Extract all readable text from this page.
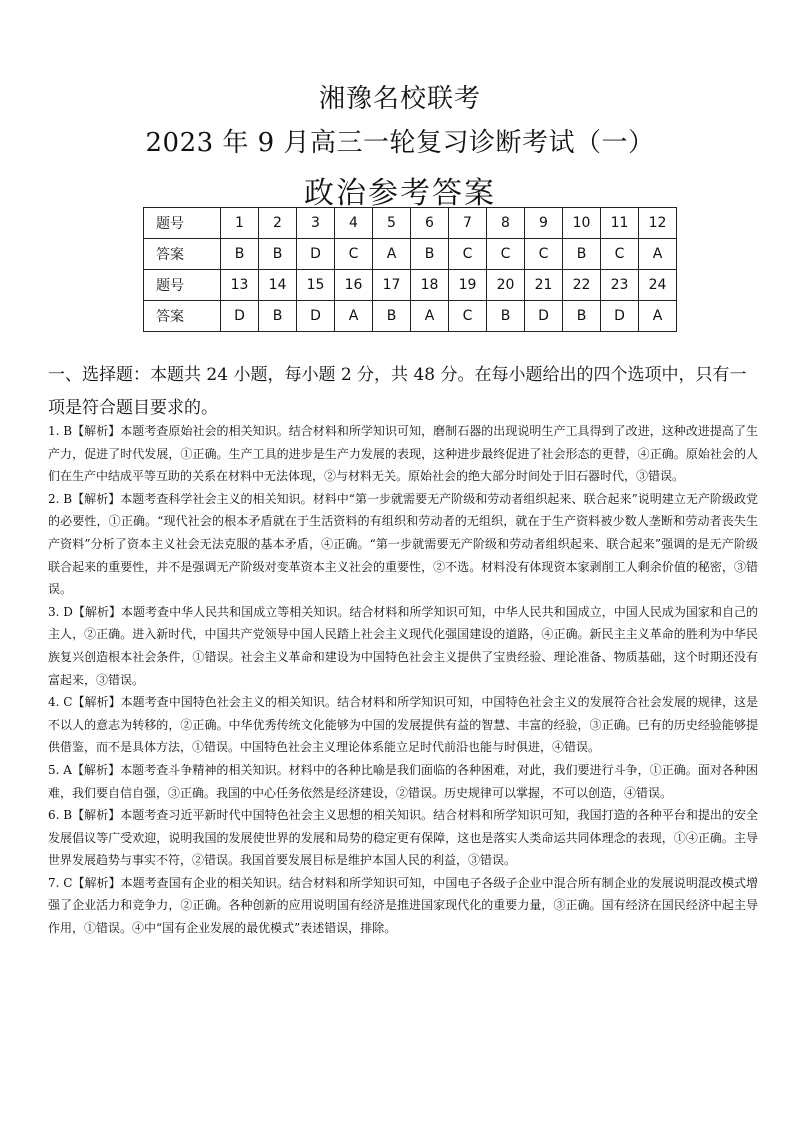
湘豫名校联考
2023 年 9 月高三一轮复习诊断考试（一）
政治参考答案
题号	1	2	3	4	5	6	7	8	9	10	11	12
答案	B	B	D	C	A	B	C	C	C	B	C	A
题号	13	14	15	16	17	18	19	20	21	22	23	24
答案	D	B	D	A	B	A	C	B	D	B	D	A
一、选择题：本题共 24 小题，每小题 2 分，共 48 分。在每小题给出的四个选项中，只有一项是符合题目要求的。

1. B【解析】本题考查原始社会的相关知识。结合材料和所学知识可知，磨制石器的出现说明生产工具得到了改进，这种改进提高了生产力，促进了时代发展，①正确。生产工具的进步是生产力发展的表现，这种进步最终促进了社会形态的更替，④正确。原始社会的人们在生产中结成平等互助的关系在材料中无法体现，②与材料无关。原始社会的绝大部分时间处于旧石器时代，③错误。

2. B【解析】本题考查科学社会主义的相关知识。材料中“第一步就需要无产阶级和劳动者组织起来、联合起来”说明建立无产阶级政党的必要性，①正确。“现代社会的根本矛盾就在于生活资料的有组织和劳动者的无组织，就在于生产资料被少数人垄断和劳动者丧失生产资料”分析了资本主义社会无法克服的基本矛盾，④正确。“第一步就需要无产阶级和劳动者组织起来、联合起来”强调的是无产阶级联合起来的重要性，并不是强调无产阶级对变革资本主义社会的重要性，②不选。材料没有体现资本家剥削工人剩余价值的秘密，③错误。

3. D【解析】本题考查中华人民共和国成立等相关知识。结合材料和所学知识可知，中华人民共和国成立，中国人民成为国家和自己的主人，②正确。进入新时代，中国共产党领导中国人民踏上社会主义现代化强国建设的道路，④正确。新民主主义革命的胜利为中华民族复兴创造根本社会条件，①错误。社会主义革命和建设为中国特色社会主义提供了宝贵经验、理论准备、物质基础，这个时期还没有富起来，③错误。

4. C【解析】本题考查中国特色社会主义的相关知识。结合材料和所学知识可知，中国特色社会主义的发展符合社会发展的规律，这是不以人的意志为转移的，②正确。中华优秀传统文化能够为中国的发展提供有益的智慧、丰富的经验，③正确。已有的历史经验能够提供借鉴，而不是具体方法，①错误。中国特色社会主义理论体系能立足时代前沿也能与时俱进，④错误。

5. A【解析】本题考查斗争精神的相关知识。材料中的各种比喻是我们面临的各种困难，对此，我们要进行斗争，①正确。面对各种困难，我们要自信自强，③正确。我国的中心任务依然是经济建设，②错误。历史规律可以掌握，不可以创造，④错误。

6. B【解析】本题考查习近平新时代中国特色社会主义思想的相关知识。结合材料和所学知识可知，我国打造的各种平台和提出的安全发展倡议等广受欢迎，说明我国的发展使世界的发展和局势的稳定更有保障，这也是落实人类命运共同体理念的表现，①④正确。主导世界发展趋势与事实不符，②错误。我国首要发展目标是维护本国人民的利益，③错误。

7. C【解析】本题考查国有企业的相关知识。结合材料和所学知识可知，中国电子各级子企业中混合所有制企业的发展说明混改模式增强了企业活力和竞争力，②正确。各种创新的应用说明国有经济是推进国家现代化的重要力量，③正确。国有经济在国民经济中起主导作用，①错误。④中“国有企业发展的最优模式”表述错误，排除。
